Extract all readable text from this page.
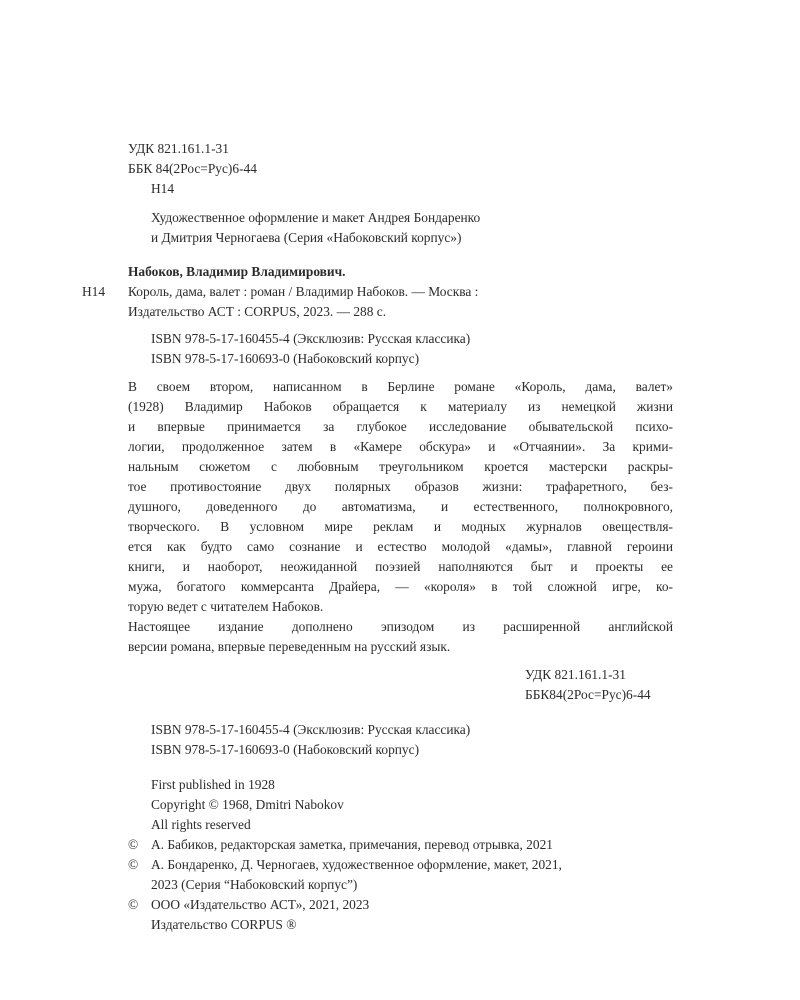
УДК 821.161.1-31
ББК 84(2Рос=Рус)6-44
Н14
Художественное оформление и макет Андрея Бондаренко
и Дмитрия Черногаева (Серия «Набоковский корпус»)
Набоков, Владимир Владимирович.
Н14 Король, дама, валет : роман / Владимир Набоков. — Москва :
Издательство АСТ : CORPUS, 2023. — 288 с.
ISBN 978-5-17-160455-4 (Эксклюзив: Русская классика)
ISBN 978-5-17-160693-0 (Набоковский корпус)
В своем втором, написанном в Берлине романе «Король, дама, валет»
(1928) Владимир Набоков обращается к материалу из немецкой жизни
и впервые принимается за глубокое исследование обывательской психо-
логии, продолженное затем в «Камере обскура» и «Отчаянии». За крими-
нальным сюжетом с любовным треугольником кроется мастерски раскры-
тое противостояние двух полярных образов жизни: трафаретного, без-
душного, доведенного до автоматизма, и естественного, полнокровного,
творческого. В условном мире реклам и модных журналов овеществля-
ется как будто само сознание и естество молодой «дамы», главной героини
книги, и наоборот, неожиданной поэзией наполняются быт и проекты ее
мужа, богатого коммерсанта Драйера, — «короля» в той сложной игре, ко-
торую ведет с читателем Набоков.
Настоящее издание дополнено эпизодом из расширенной английской
версии романа, впервые переведенным на русский язык.
УДК 821.161.1-31
ББК84(2Рос=Рус)6-44
ISBN 978-5-17-160455-4 (Эксклюзив: Русская классика)
ISBN 978-5-17-160693-0 (Набоковский корпус)
First published in 1928
Copyright © 1968, Dmitri Nabokov
All rights reserved
© А. Бабиков, редакторская заметка, примечания, перевод отрывка, 2021
© А. Бондаренко, Д. Черногаев, художественное оформление, макет, 2021,
2023 (Серия “Набоковский корпус”)
© ООО «Издательство АСТ», 2021, 2023
Издательство CORPUS ®
